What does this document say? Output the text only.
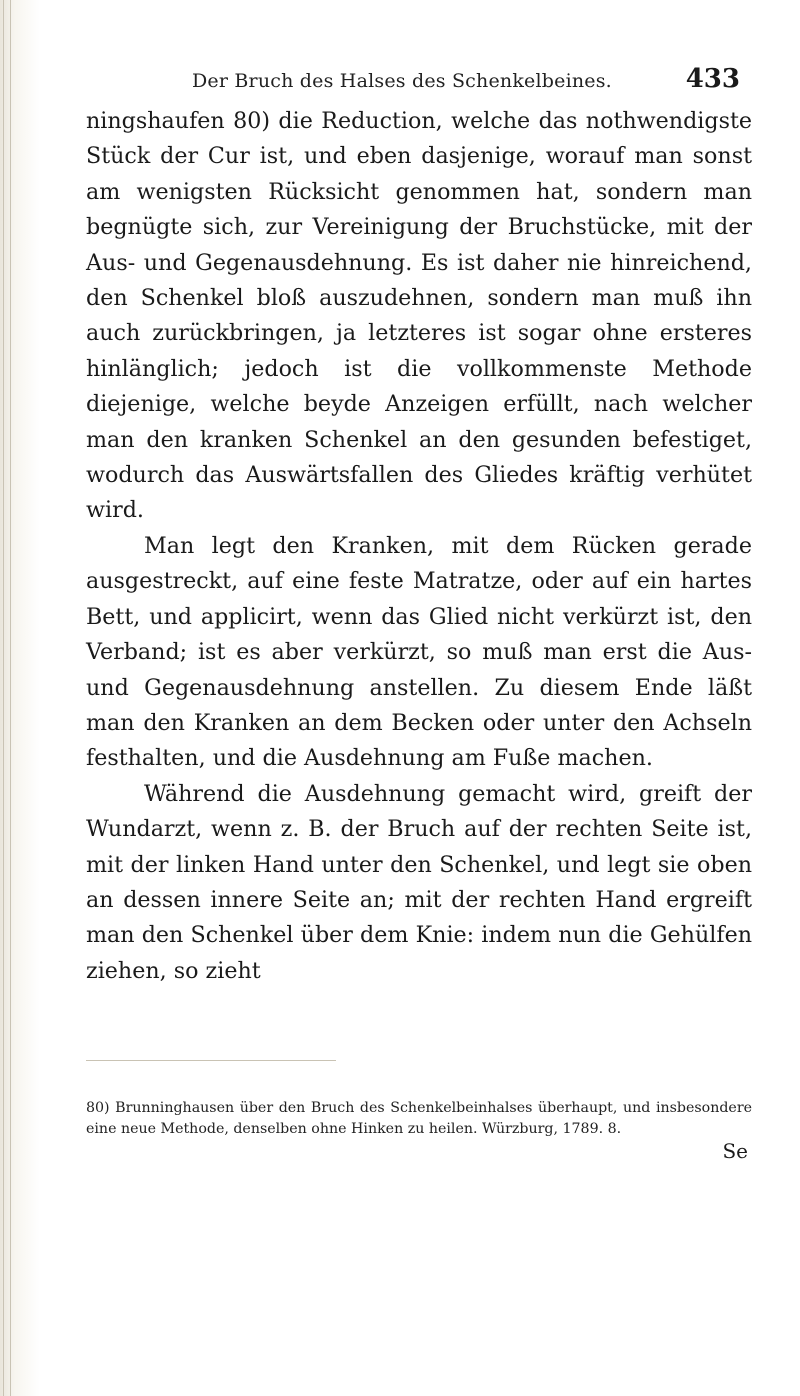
Der Bruch des Halses des Schenkelbeines.	433

ningshaufen 80) die Reduction, welche das nothwendigste Stück der Cur ist, und eben dasjenige, worauf man sonst am wenigsten Rücksicht genommen hat, sondern man begnügte sich, zur Vereinigung der Bruchstücke, mit der Aus- und Gegenausdehnung. Es ist daher nie hinreichend, den Schenkel bloß auszudehnen, sondern man muß ihn auch zurückbringen, ja letzteres ist sogar ohne ersteres hinlänglich; jedoch ist die vollkommenste Methode diejenige, welche beyde Anzeigen erfüllt, nach welcher man den kranken Schenkel an den gesunden befestiget, wodurch das Auswärtsfallen des Gliedes kräftig verhütet wird.

Man legt den Kranken, mit dem Rücken gerade ausgestreckt, auf eine feste Matratze, oder auf ein hartes Bett, und applicirt, wenn das Glied nicht verkürzt ist, den Verband; ist es aber verkürzt, so muß man erst die Aus- und Gegenausdehnung anstellen. Zu diesem Ende läßt man den Kranken an dem Becken oder unter den Achseln festhalten, und die Ausdehnung am Fuße machen.

Während die Ausdehnung gemacht wird, greift der Wundarzt, wenn z. B. der Bruch auf der rechten Seite ist, mit der linken Hand unter den Schenkel, und legt sie oben an dessen innere Seite an; mit der rechten Hand ergreift man den Schenkel über dem Knie: indem nun die Gehülfen ziehen, so zieht

80) Brunninghausen über den Bruch des Schenkelbeinhalses überhaupt, und insbesondere eine neue Methode, denselben ohne Hinken zu heilen. Würzburg, 1789. 8.
Se
